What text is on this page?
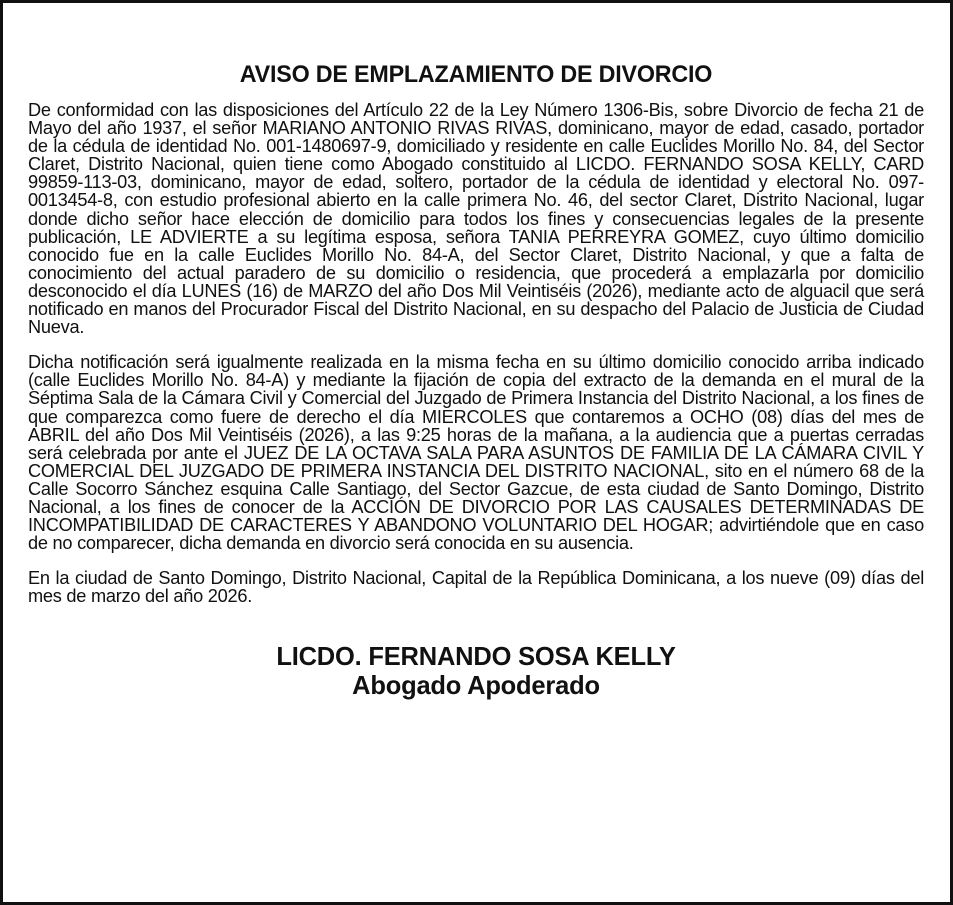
AVISO DE EMPLAZAMIENTO DE DIVORCIO

De conformidad con las disposiciones del Artículo 22 de la Ley Número 1306-Bis, sobre Divorcio de fecha 21 de Mayo del año 1937, el señor MARIANO ANTONIO RIVAS RIVAS, dominicano, mayor de edad, casado, portador de la cédula de identidad No. 001-1480697-9, domiciliado y residente en calle Euclides Morillo No. 84, del Sector Claret, Distrito Nacional, quien tiene como Abogado constituido al LICDO. FERNANDO SOSA KELLY, CARD 99859-113-03, dominicano, mayor de edad, soltero, portador de la cédula de identidad y electoral No. 097-0013454-8, con estudio profesional abierto en la calle primera No. 46, del sector Claret, Distrito Nacional, lugar donde dicho señor hace elección de domicilio para todos los fines y consecuencias legales de la presente publicación, LE ADVIERTE a su legítima esposa, señora TANIA PERREYRA GOMEZ, cuyo último domicilio conocido fue en la calle Euclides Morillo No. 84-A, del Sector Claret, Distrito Nacional, y que a falta de conocimiento del actual paradero de su domicilio o residencia, que procederá a emplazarla por domicilio desconocido el día LUNES (16) de MARZO del año Dos Mil Veintiséis (2026), mediante acto de alguacil que será notificado en manos del Procurador Fiscal del Distrito Nacional, en su despacho del Palacio de Justicia de Ciudad Nueva.

Dicha notificación será igualmente realizada en la misma fecha en su último domicilio conocido arriba indicado (calle Euclides Morillo No. 84-A) y mediante la fijación de copia del extracto de la demanda en el mural de la Séptima Sala de la Cámara Civil y Comercial del Juzgado de Primera Instancia del Distrito Nacional, a los fines de que comparezca como fuere de derecho el día MIERCOLES que contaremos a OCHO (08) días del mes de ABRIL del año Dos Mil Veintiséis (2026), a las 9:25 horas de la mañana, a la audiencia que a puertas cerradas será celebrada por ante el JUEZ DE LA OCTAVA SALA PARA ASUNTOS DE FAMILIA DE LA CÁMARA CIVIL Y COMERCIAL DEL JUZGADO DE PRIMERA INSTANCIA DEL DISTRITO NACIONAL, sito en el número 68 de la Calle Socorro Sánchez esquina Calle Santiago, del Sector Gazcue, de esta ciudad de Santo Domingo, Distrito Nacional, a los fines de conocer de la ACCIÓN DE DIVORCIO POR LAS CAUSALES DETERMINADAS DE INCOMPATIBILIDAD DE CARACTERES Y ABANDONO VOLUNTARIO DEL HOGAR; advirtiéndole que en caso de no comparecer, dicha demanda en divorcio será conocida en su ausencia.

En la ciudad de Santo Domingo, Distrito Nacional, Capital de la República Dominicana, a los nueve (09) días del mes de marzo del año 2026.

LICDO. FERNANDO SOSA KELLY
Abogado Apoderado
